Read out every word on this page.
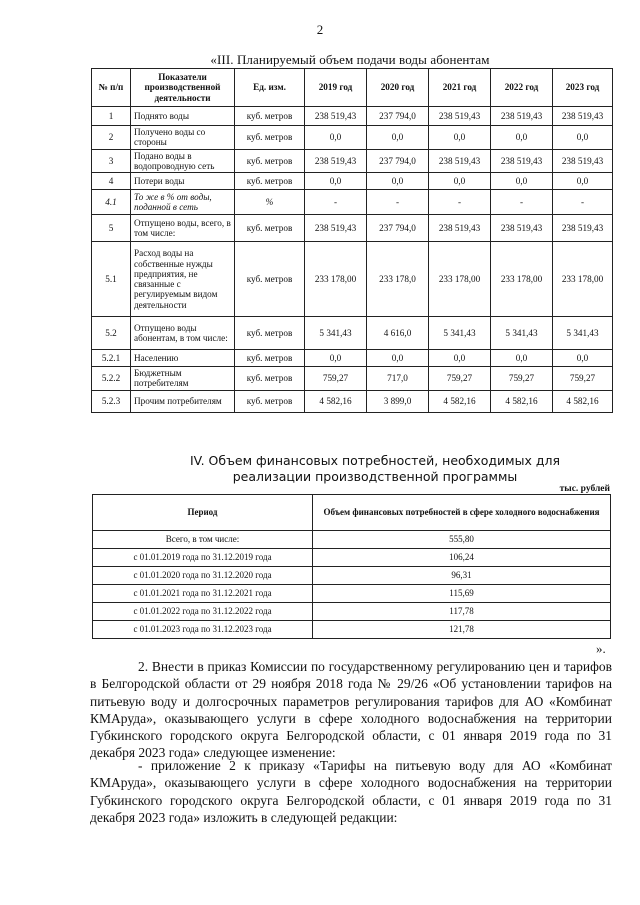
2
«III. Планируемый объем подачи воды абонентам
№ п/п	Показатели производственной деятельности	Ед. изм.	2019 год	2020 год	2021 год	2022 год	2023 год
1	Поднято воды	куб. метров	238 519,43	237 794,0	238 519,43	238 519,43	238 519,43
2	Получено воды со стороны	куб. метров	0,0	0,0	0,0	0,0	0,0
3	Подано воды в водопроводную сеть	куб. метров	238 519,43	237 794,0	238 519,43	238 519,43	238 519,43
4	Потери воды	куб. метров	0,0	0,0	0,0	0,0	0,0
4.1	То же в % от воды, поданной в сеть	%	-	-	-	-	-
5	Отпущено воды, всего, в том числе:	куб. метров	238 519,43	237 794,0	238 519,43	238 519,43	238 519,43
5.1	Расход воды на собственные нужды предприятия, не связанные с регулируемым видом деятельности	куб. метров	233 178,00	233 178,0	233 178,00	233 178,00	233 178,00
5.2	Отпущено воды абонентам, в том числе:	куб. метров	5 341,43	4 616,0	5 341,43	5 341,43	5 341,43
5.2.1	Населению	куб. метров	0,0	0,0	0,0	0,0	0,0
5.2.2	Бюджетным потребителям	куб. метров	759,27	717,0	759,27	759,27	759,27
5.2.3	Прочим потребителям	куб. метров	4 582,16	3 899,0	4 582,16	4 582,16	4 582,16
IV. Объем финансовых потребностей, необходимых для реализации производственной программы
тыс. рублей
Период	Объем финансовых потребностей в сфере холодного водоснабжения
Всего, в том числе:	555,80
с 01.01.2019 года по 31.12.2019 года	106,24
с 01.01.2020 года по 31.12.2020 года	96,31
с 01.01.2021 года по 31.12.2021 года	115,69
с 01.01.2022 года по 31.12.2022 года	117,78
с 01.01.2023 года по 31.12.2023 года	121,78
».
2. Внести в приказ Комиссии по государственному регулированию цен и тарифов в Белгородской области от 29 ноября 2018 года № 29/26 «Об установлении тарифов на питьевую воду и долгосрочных параметров регулирования тарифов для АО «Комбинат КМАруда», оказывающего услуги в сфере холодного водоснабжения на территории Губкинского городского округа Белгородской области, с 01 января 2019 года по 31 декабря 2023 года» следующее изменение:
- приложение 2 к приказу «Тарифы на питьевую воду для АО «Комбинат КМАруда», оказывающего услуги в сфере холодного водоснабжения на территории Губкинского городского округа Белгородской области, с 01 января 2019 года по 31 декабря 2023 года» изложить в следующей редакции:
